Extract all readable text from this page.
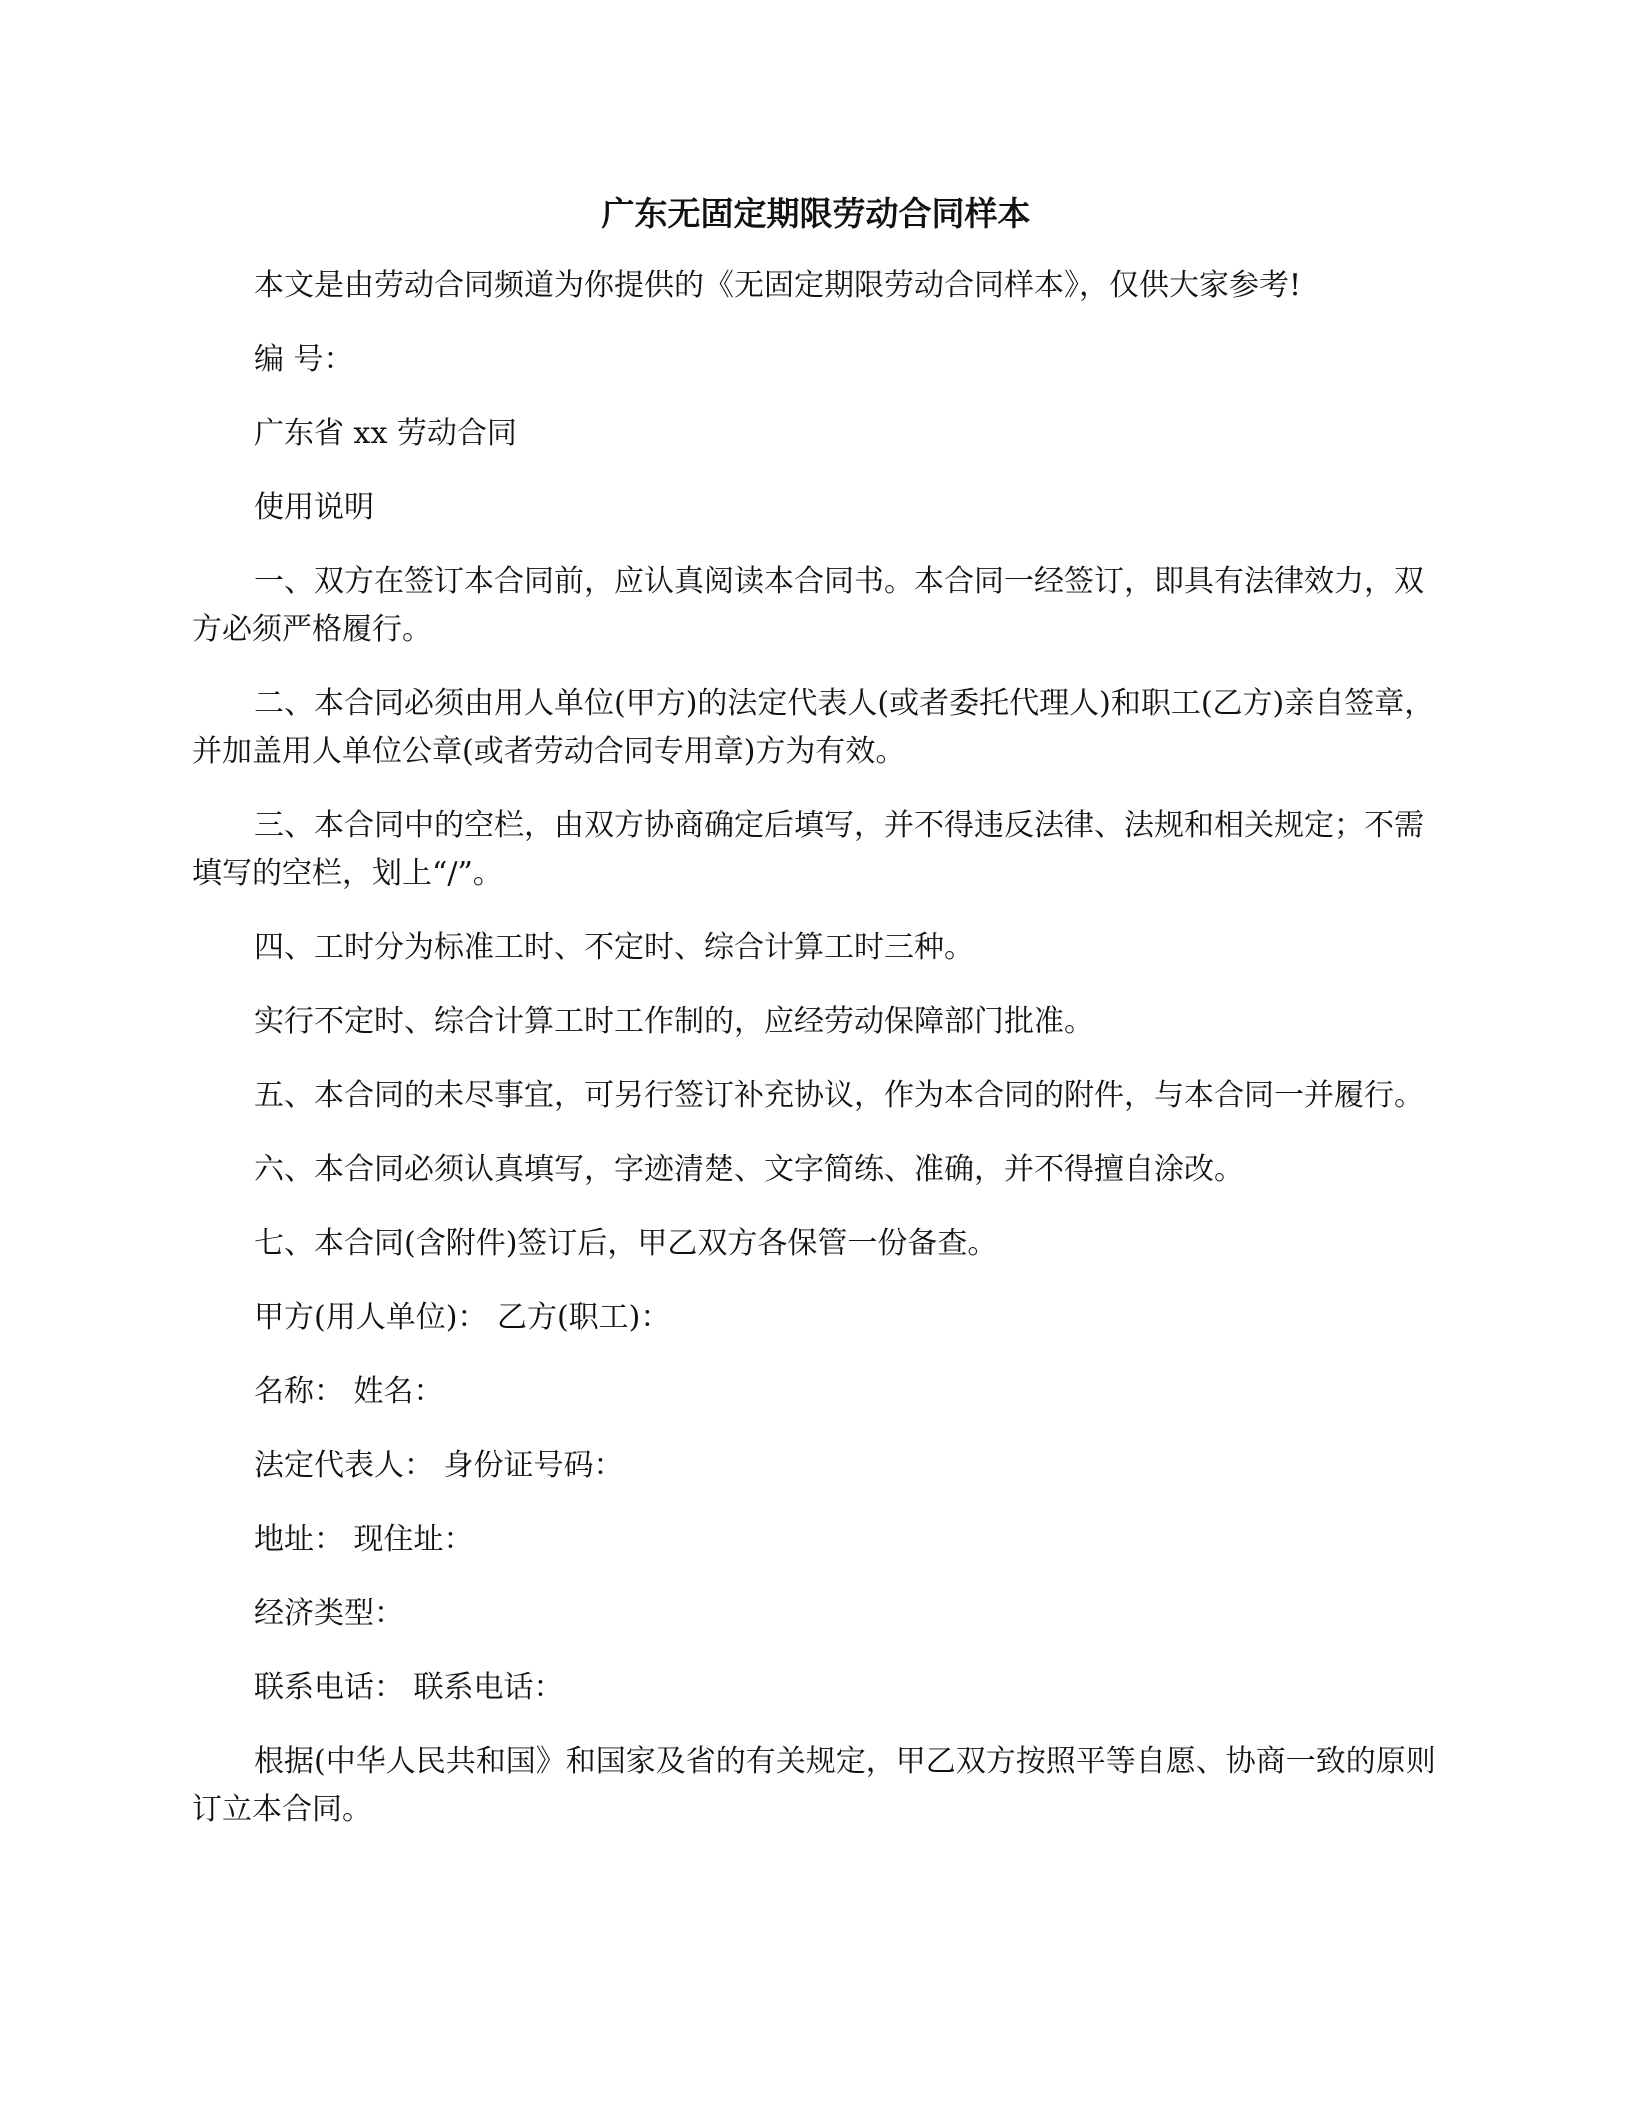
广东无固定期限劳动合同样本

本文是由劳动合同频道为你提供的《无固定期限劳动合同样本》，仅供大家参考!

编 号：

广东省 xx 劳动合同

使用说明

一、双方在签订本合同前，应认真阅读本合同书。本合同一经签订，即具有法律效力，双方必须严格履行。

二、本合同必须由用人单位(甲方)的法定代表人(或者委托代理人)和职工(乙方)亲自签章，并加盖用人单位公章(或者劳动合同专用章)方为有效。

三、本合同中的空栏，由双方协商确定后填写，并不得违反法律、法规和相关规定；不需填写的空栏，划上“/”。

四、工时分为标准工时、不定时、综合计算工时三种。

实行不定时、综合计算工时工作制的，应经劳动保障部门批准。

五、本合同的未尽事宜，可另行签订补充协议，作为本合同的附件，与本合同一并履行。

六、本合同必须认真填写，字迹清楚、文字简练、准确，并不得擅自涂改。

七、本合同(含附件)签订后，甲乙双方各保管一份备查。

甲方(用人单位)： 乙方(职工)：

名称： 姓名：

法定代表人： 身份证号码：

地址： 现住址：

经济类型：

联系电话： 联系电话：

根据(中华人民共和国》和国家及省的有关规定，甲乙双方按照平等自愿、协商一致的原则订立本合同。
